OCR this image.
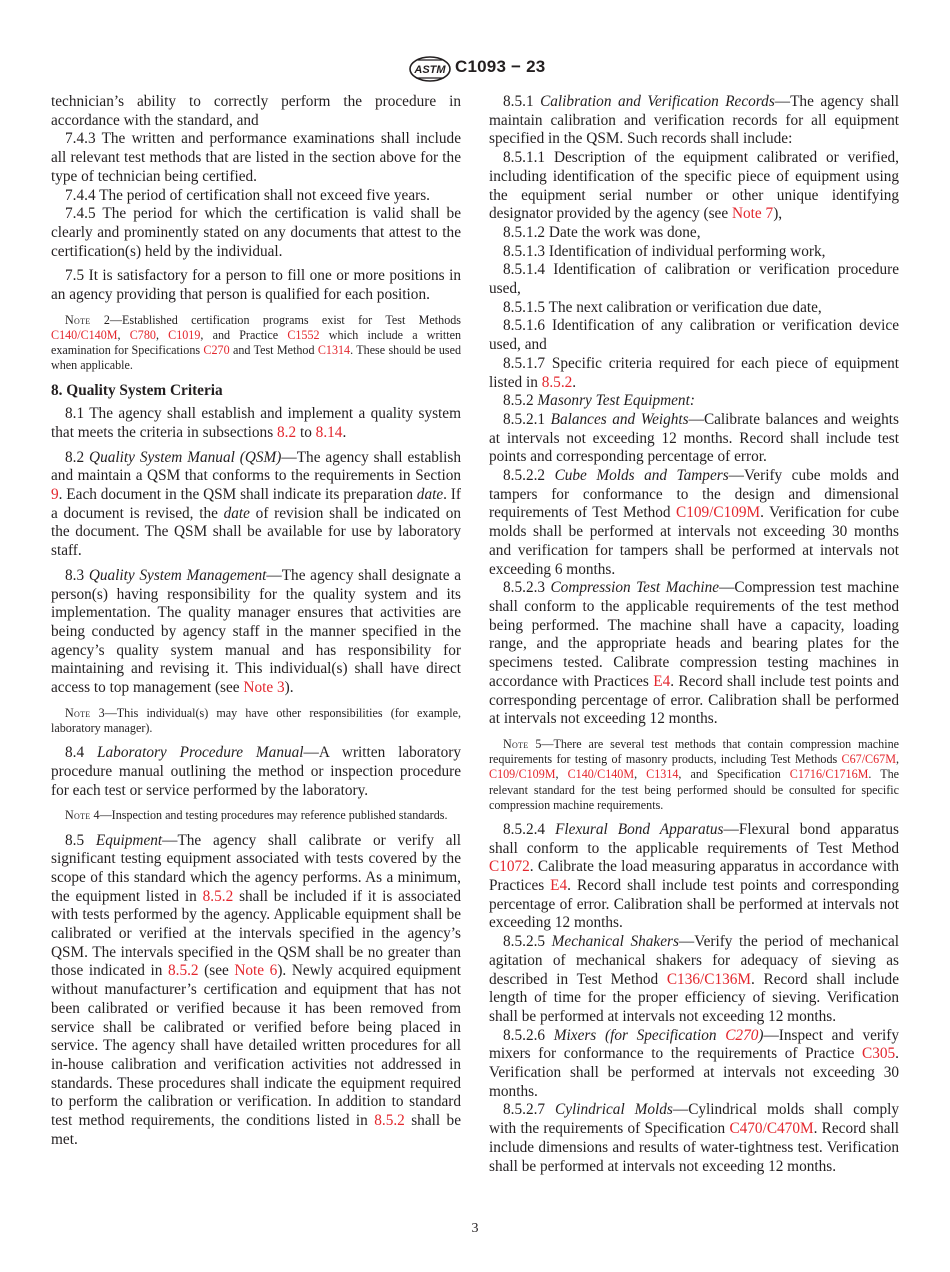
ASTM C1093 − 23

technician’s ability to correctly perform the procedure in accordance with the standard, and

7.4.3 The written and performance examinations shall include all relevant test methods that are listed in the section above for the type of technician being certified.

7.4.4 The period of certification shall not exceed five years.

7.4.5 The period for which the certification is valid shall be clearly and prominently stated on any documents that attest to the certification(s) held by the individual.

7.5 It is satisfactory for a person to fill one or more positions in an agency providing that person is qualified for each position.

Note 2—Established certification programs exist for Test Methods C140/C140M, C780, C1019, and Practice C1552 which include a written examination for Specifications C270 and Test Method C1314. These should be used when applicable.

8. Quality System Criteria

8.1 The agency shall establish and implement a quality system that meets the criteria in subsections 8.2 to 8.14.

8.2 Quality System Manual (QSM)—The agency shall establish and maintain a QSM that conforms to the requirements in Section 9. Each document in the QSM shall indicate its preparation date. If a document is revised, the date of revision shall be indicated on the document. The QSM shall be available for use by laboratory staff.

8.3 Quality System Management—The agency shall designate a person(s) having responsibility for the quality system and its implementation. The quality manager ensures that activities are being conducted by agency staff in the manner specified in the agency’s quality system manual and has responsibility for maintaining and revising it. This individual(s) shall have direct access to top management (see Note 3).

Note 3—This individual(s) may have other responsibilities (for example, laboratory manager).

8.4 Laboratory Procedure Manual—A written laboratory procedure manual outlining the method or inspection procedure for each test or service performed by the laboratory.

Note 4—Inspection and testing procedures may reference published standards.

8.5 Equipment—The agency shall calibrate or verify all significant testing equipment associated with tests covered by the scope of this standard which the agency performs. As a minimum, the equipment listed in 8.5.2 shall be included if it is associated with tests performed by the agency. Applicable equipment shall be calibrated or verified at the intervals specified in the agency’s QSM. The intervals specified in the QSM shall be no greater than those indicated in 8.5.2 (see Note 6). Newly acquired equipment without manufacturer’s certification and equipment that has not been calibrated or verified because it has been removed from service shall be calibrated or verified before being placed in service. The agency shall have detailed written procedures for all in-house calibration and verification activities not addressed in standards. These procedures shall indicate the equipment required to perform the calibration or verification. In addition to standard test method requirements, the conditions listed in 8.5.2 shall be met.

8.5.1 Calibration and Verification Records—The agency shall maintain calibration and verification records for all equipment specified in the QSM. Such records shall include:

8.5.1.1 Description of the equipment calibrated or verified, including identification of the specific piece of equipment using the equipment serial number or other unique identifying designator provided by the agency (see Note 7),

8.5.1.2 Date the work was done,

8.5.1.3 Identification of individual performing work,

8.5.1.4 Identification of calibration or verification procedure used,

8.5.1.5 The next calibration or verification due date,

8.5.1.6 Identification of any calibration or verification device used, and

8.5.1.7 Specific criteria required for each piece of equipment listed in 8.5.2.

8.5.2 Masonry Test Equipment:

8.5.2.1 Balances and Weights—Calibrate balances and weights at intervals not exceeding 12 months. Record shall include test points and corresponding percentage of error.

8.5.2.2 Cube Molds and Tampers—Verify cube molds and tampers for conformance to the design and dimensional requirements of Test Method C109/C109M. Verification for cube molds shall be performed at intervals not exceeding 30 months and verification for tampers shall be performed at intervals not exceeding 6 months.

8.5.2.3 Compression Test Machine—Compression test machine shall conform to the applicable requirements of the test method being performed. The machine shall have a capacity, loading range, and the appropriate heads and bearing plates for the specimens tested. Calibrate compression testing machines in accordance with Practices E4. Record shall include test points and corresponding percentage of error. Calibration shall be performed at intervals not exceeding 12 months.

Note 5—There are several test methods that contain compression machine requirements for testing of masonry products, including Test Methods C67/C67M, C109/C109M, C140/C140M, C1314, and Specification C1716/C1716M. The relevant standard for the test being performed should be consulted for specific compression machine requirements.

8.5.2.4 Flexural Bond Apparatus—Flexural bond apparatus shall conform to the applicable requirements of Test Method C1072. Calibrate the load measuring apparatus in accordance with Practices E4. Record shall include test points and corresponding percentage of error. Calibration shall be performed at intervals not exceeding 12 months.

8.5.2.5 Mechanical Shakers—Verify the period of mechanical agitation of mechanical shakers for adequacy of sieving as described in Test Method C136/C136M. Record shall include length of time for the proper efficiency of sieving. Verification shall be performed at intervals not exceeding 12 months.

8.5.2.6 Mixers (for Specification C270)—Inspect and verify mixers for conformance to the requirements of Practice C305. Verification shall be performed at intervals not exceeding 30 months.

8.5.2.7 Cylindrical Molds—Cylindrical molds shall comply with the requirements of Specification C470/C470M. Record shall include dimensions and results of water-tightness test. Verification shall be performed at intervals not exceeding 12 months.

3
